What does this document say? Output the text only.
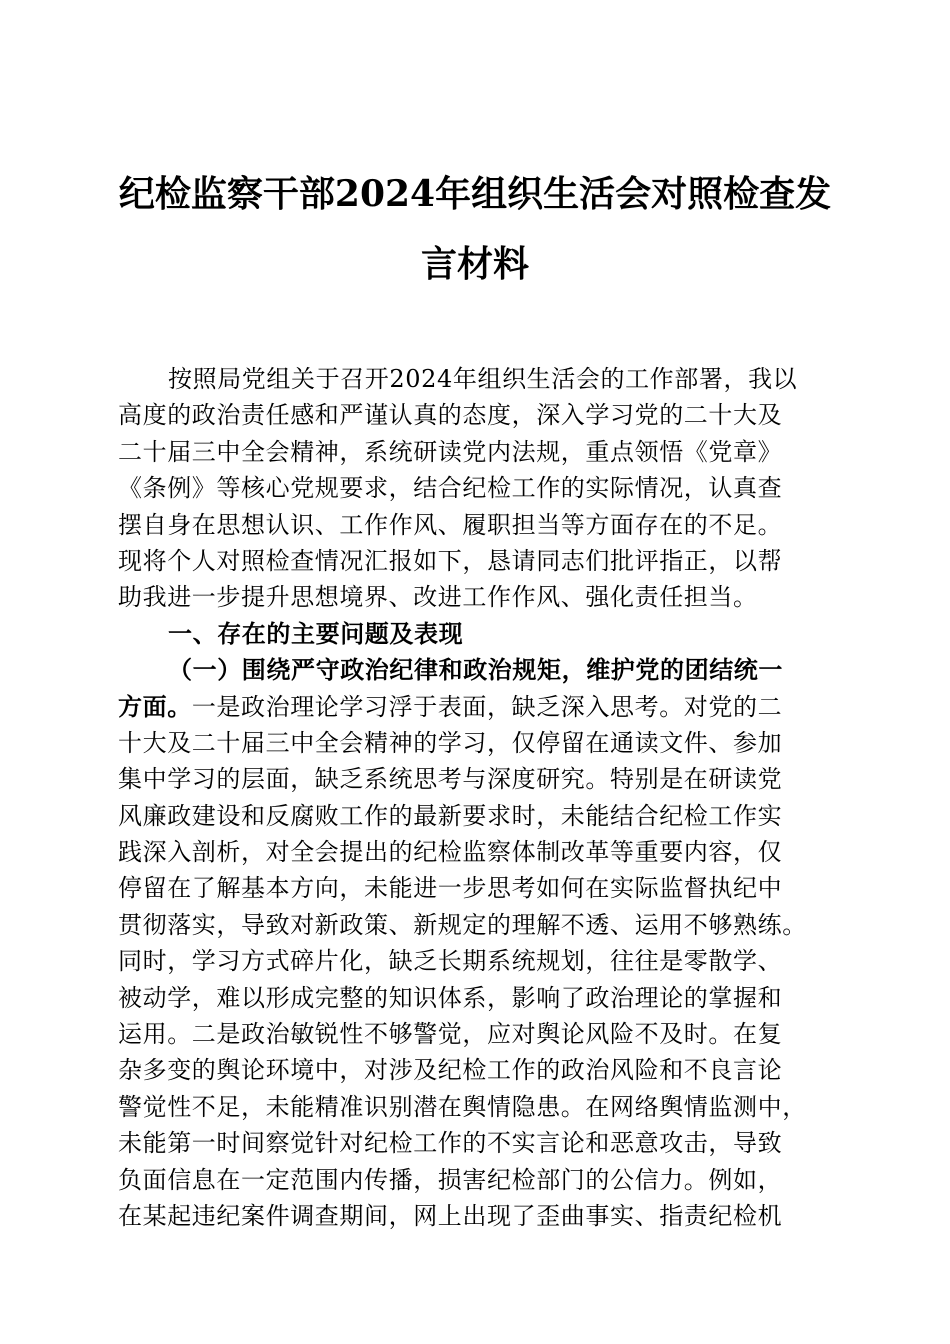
纪检监察干部2024年组织生活会对照检查发
言材料
按照局党组关于召开2024年组织生活会的工作部署，我以
高度的政治责任感和严谨认真的态度，深入学习党的二十大及
二十届三中全会精神，系统研读党内法规，重点领悟《党章》
《条例》等核心党规要求，结合纪检工作的实际情况，认真查
摆自身在思想认识、工作作风、履职担当等方面存在的不足。
现将个人对照检查情况汇报如下，恳请同志们批评指正，以帮
助我进一步提升思想境界、改进工作作风、强化责任担当。
一、存在的主要问题及表现
（一）围绕严守政治纪律和政治规矩，维护党的团结统一
方面。一是政治理论学习浮于表面，缺乏深入思考。对党的二
十大及二十届三中全会精神的学习，仅停留在通读文件、参加
集中学习的层面，缺乏系统思考与深度研究。特别是在研读党
风廉政建设和反腐败工作的最新要求时，未能结合纪检工作实
践深入剖析，对全会提出的纪检监察体制改革等重要内容，仅
停留在了解基本方向，未能进一步思考如何在实际监督执纪中
贯彻落实，导致对新政策、新规定的理解不透、运用不够熟练。
同时，学习方式碎片化，缺乏长期系统规划，往往是零散学、
被动学，难以形成完整的知识体系，影响了政治理论的掌握和
运用。二是政治敏锐性不够警觉，应对舆论风险不及时。在复
杂多变的舆论环境中，对涉及纪检工作的政治风险和不良言论
警觉性不足，未能精准识别潜在舆情隐患。在网络舆情监测中，
未能第一时间察觉针对纪检工作的不实言论和恶意攻击，导致
负面信息在一定范围内传播，损害纪检部门的公信力。例如，
在某起违纪案件调查期间，网上出现了歪曲事实、指责纪检机
